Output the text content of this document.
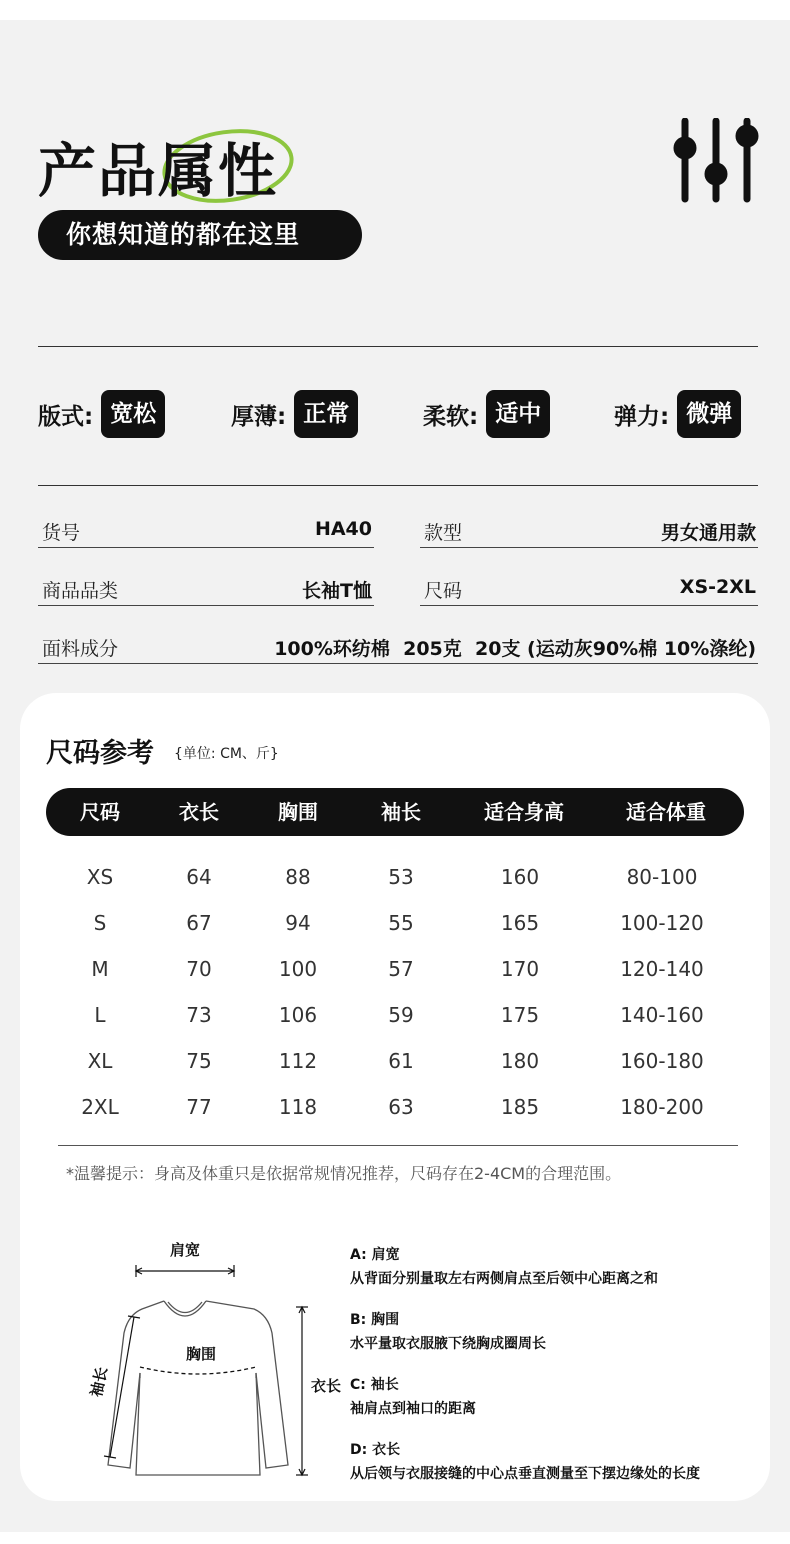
产品属性
你想知道的都在这里
版式: 宽松	厚薄: 正常	柔软: 适中	弹力: 微弹
货号	HA40	款型	男女通用款
商品品类	长袖T恤	尺码	XS-2XL
面料成分	100%环纺棉  205克  20支 (运动灰90%棉 10%涤纶)
尺码参考 {单位: CM、斤}
尺码	衣长	胸围	袖长	适合身高	适合体重
XS	64	88	53	160	80-100
S	67	94	55	165	100-120
M	70	100	57	170	120-140
L	73	106	59	175	140-160
XL	75	112	61	180	160-180
2XL	77	118	63	185	180-200
*温馨提示：身高及体重只是依据常规情况推荐，尺码存在2-4CM的合理范围。
肩宽
胸围
袖长	衣长
A: 肩宽
从背面分别量取左右两侧肩点至后领中心距离之和
B: 胸围
水平量取衣服腋下绕胸成圈周长
C: 袖长
袖肩点到袖口的距离
D: 衣长
从后领与衣服接缝的中心点垂直测量至下摆边缘处的长度
